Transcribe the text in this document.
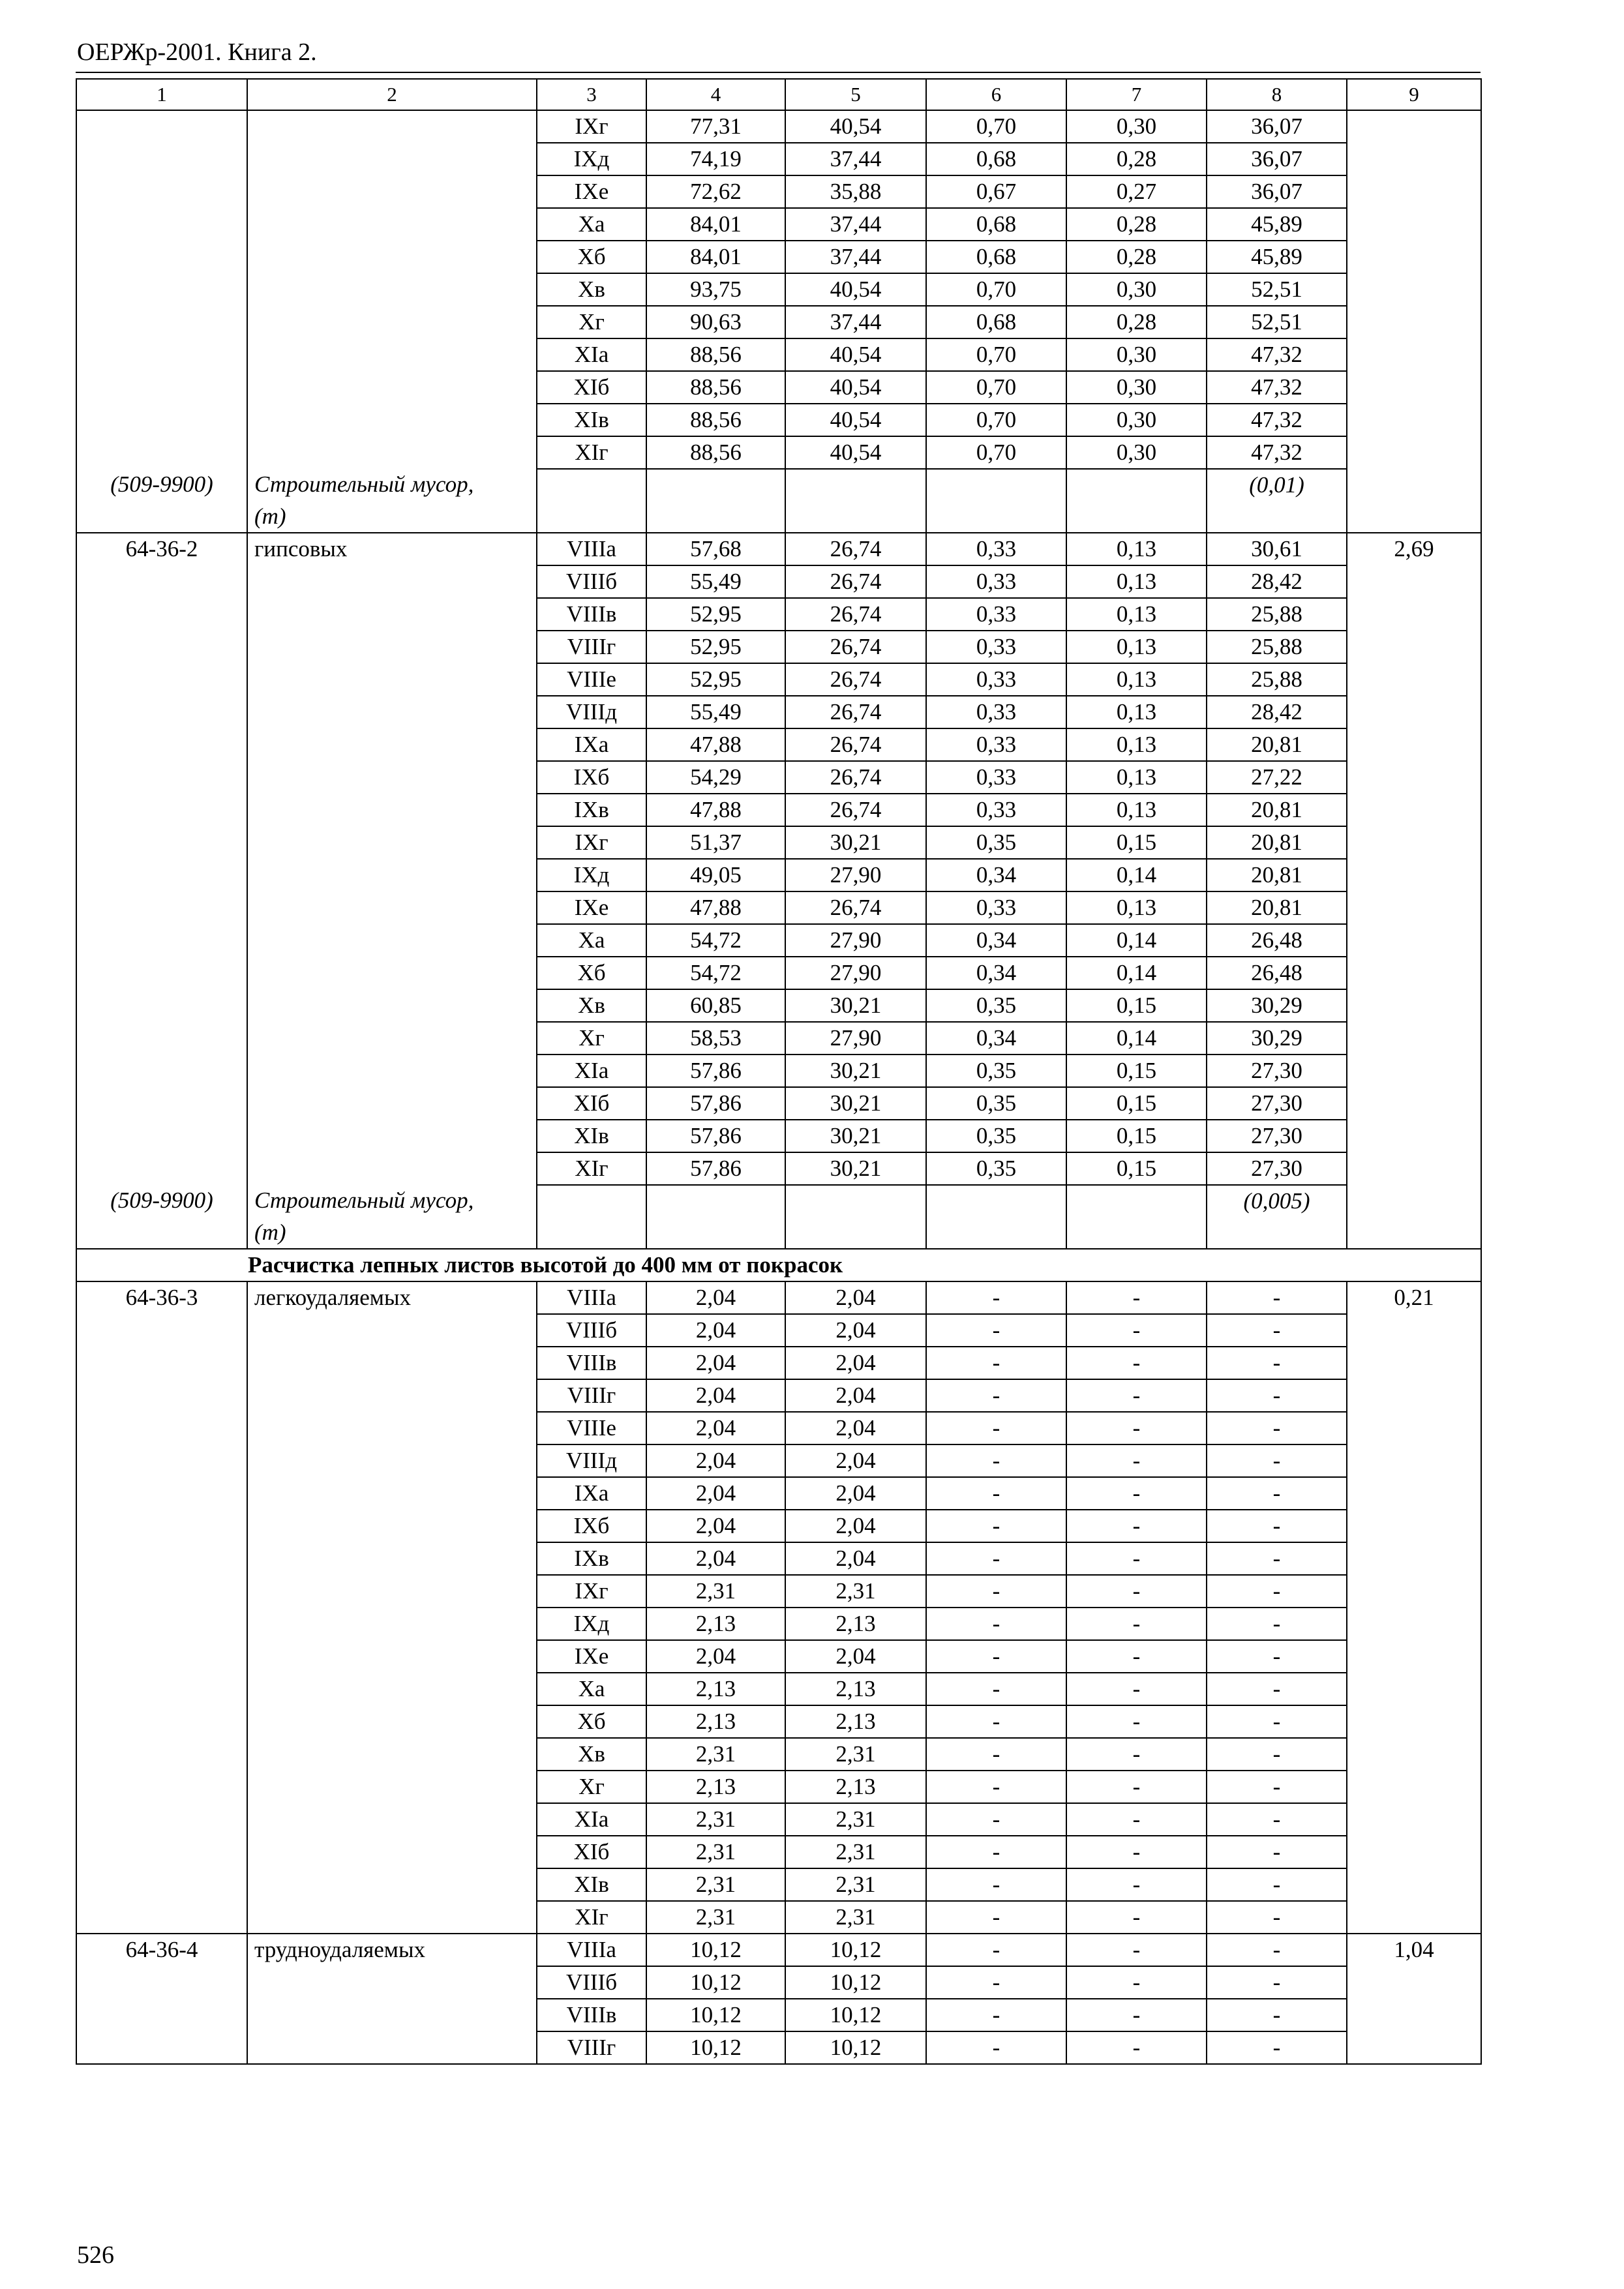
ОЕРЖр-2001. Книга 2.
1	2	3	4	5	6	7	8	9
		IXг	77,31	40,54	0,70	0,30	36,07	
		IXд	74,19	37,44	0,68	0,28	36,07	
		IXе	72,62	35,88	0,67	0,27	36,07	
		Xа	84,01	37,44	0,68	0,28	45,89	
		Xб	84,01	37,44	0,68	0,28	45,89	
		Xв	93,75	40,54	0,70	0,30	52,51	
		Xг	90,63	37,44	0,68	0,28	52,51	
		XIа	88,56	40,54	0,70	0,30	47,32	
		XIб	88,56	40,54	0,70	0,30	47,32	
		XIв	88,56	40,54	0,70	0,30	47,32	
		XIг	88,56	40,54	0,70	0,30	47,32	
(509-9900)	Строительный мусор,						(0,01)	
	(т)							
64-36-2	гипсовых	VIIIа	57,68	26,74	0,33	0,13	30,61	2,69
		VIIIб	55,49	26,74	0,33	0,13	28,42	
		VIIIв	52,95	26,74	0,33	0,13	25,88	
		VIIIг	52,95	26,74	0,33	0,13	25,88	
		VIIIе	52,95	26,74	0,33	0,13	25,88	
		VIIIд	55,49	26,74	0,33	0,13	28,42	
		IXа	47,88	26,74	0,33	0,13	20,81	
		IXб	54,29	26,74	0,33	0,13	27,22	
		IXв	47,88	26,74	0,33	0,13	20,81	
		IXг	51,37	30,21	0,35	0,15	20,81	
		IXд	49,05	27,90	0,34	0,14	20,81	
		IXе	47,88	26,74	0,33	0,13	20,81	
		Xа	54,72	27,90	0,34	0,14	26,48	
		Xб	54,72	27,90	0,34	0,14	26,48	
		Xв	60,85	30,21	0,35	0,15	30,29	
		Xг	58,53	27,90	0,34	0,14	30,29	
		XIа	57,86	30,21	0,35	0,15	27,30	
		XIб	57,86	30,21	0,35	0,15	27,30	
		XIв	57,86	30,21	0,35	0,15	27,30	
		XIг	57,86	30,21	0,35	0,15	27,30	
(509-9900)	Строительный мусор,						(0,005)	
	(т)							
Расчистка лепных листов высотой до 400 мм от покрасок								
64-36-3	легкоудаляемых	VIIIа	2,04	2,04	-	-	-	0,21
		VIIIб	2,04	2,04	-	-	-	
		VIIIв	2,04	2,04	-	-	-	
		VIIIг	2,04	2,04	-	-	-	
		VIIIе	2,04	2,04	-	-	-	
		VIIIд	2,04	2,04	-	-	-	
		IXа	2,04	2,04	-	-	-	
		IXб	2,04	2,04	-	-	-	
		IXв	2,04	2,04	-	-	-	
		IXг	2,31	2,31	-	-	-	
		IXд	2,13	2,13	-	-	-	
		IXе	2,04	2,04	-	-	-	
		Xа	2,13	2,13	-	-	-	
		Xб	2,13	2,13	-	-	-	
		Xв	2,31	2,31	-	-	-	
		Xг	2,13	2,13	-	-	-	
		XIа	2,31	2,31	-	-	-	
		XIб	2,31	2,31	-	-	-	
		XIв	2,31	2,31	-	-	-	
		XIг	2,31	2,31	-	-	-	
64-36-4	трудноудаляемых	VIIIа	10,12	10,12	-	-	-	1,04
		VIIIб	10,12	10,12	-	-	-	
		VIIIв	10,12	10,12	-	-	-	
		VIIIг	10,12	10,12	-	-	-	
526
